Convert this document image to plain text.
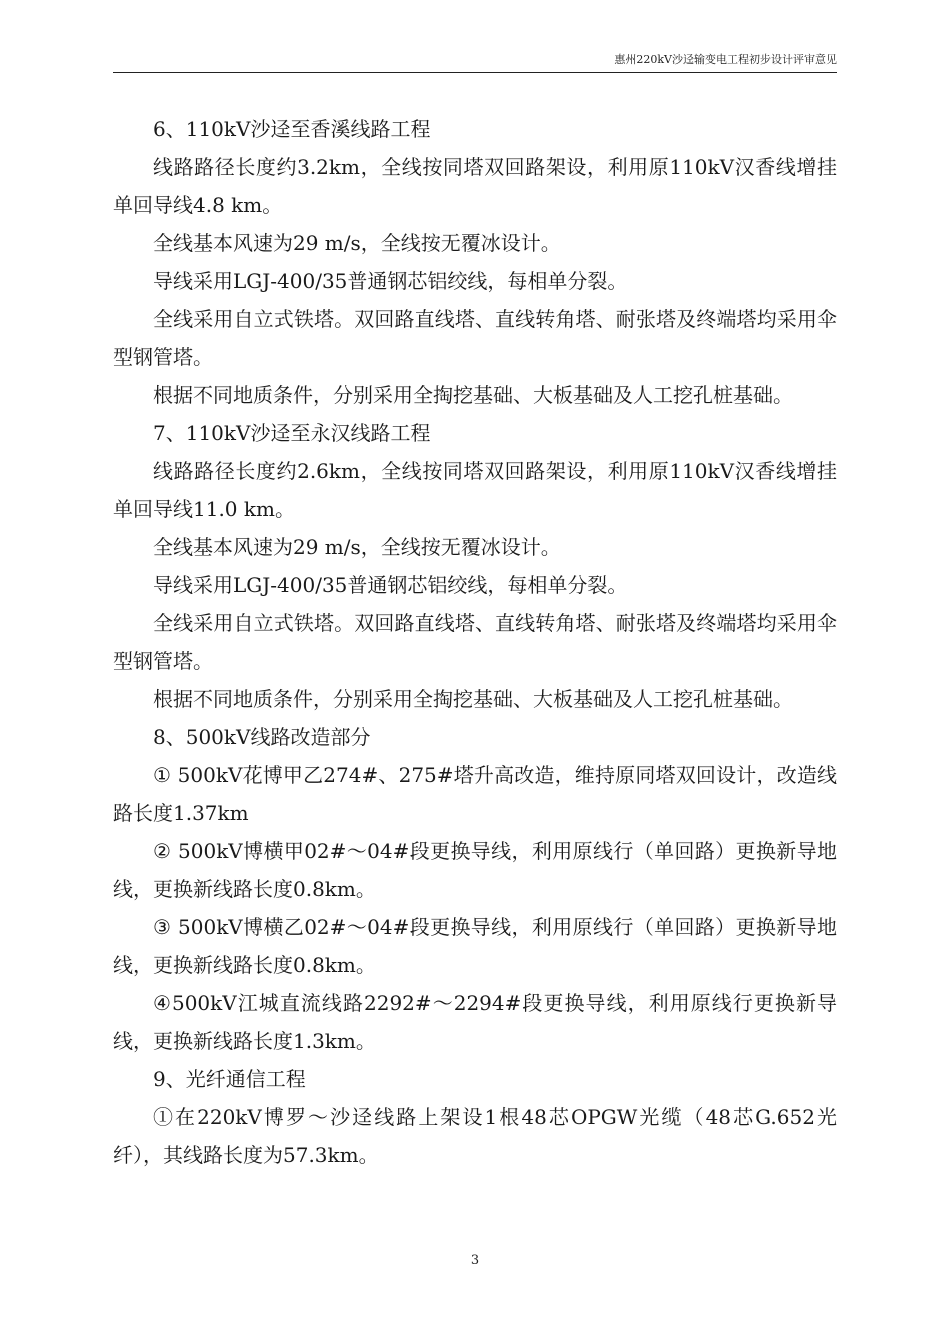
惠州220kV沙迳输变电工程初步设计评审意见

6、110kV沙迳至香溪线路工程

线路路径长度约3.2km，全线按同塔双回路架设，利用原110kV汉香线增挂单回导线4.8 km。

全线基本风速为29 m/s，全线按无覆冰设计。

导线采用LGJ-400/35普通钢芯铝绞线，每相单分裂。

全线采用自立式铁塔。双回路直线塔、直线转角塔、耐张塔及终端塔均采用伞型钢管塔。

根据不同地质条件，分别采用全掏挖基础、大板基础及人工挖孔桩基础。

7、110kV沙迳至永汉线路工程

线路路径长度约2.6km，全线按同塔双回路架设，利用原110kV汉香线增挂单回导线11.0 km。

全线基本风速为29 m/s，全线按无覆冰设计。

导线采用LGJ-400/35普通钢芯铝绞线，每相单分裂。

全线采用自立式铁塔。双回路直线塔、直线转角塔、耐张塔及终端塔均采用伞型钢管塔。

根据不同地质条件，分别采用全掏挖基础、大板基础及人工挖孔桩基础。

8、500kV线路改造部分

① 500kV花博甲乙274#、275#塔升高改造，维持原同塔双回设计，改造线路长度1.37km

② 500kV博横甲02#～04#段更换导线，利用原线行（单回路）更换新导地线，更换新线路长度0.8km。

③ 500kV博横乙02#～04#段更换导线，利用原线行（单回路）更换新导地线，更换新线路长度0.8km。

④500kV江城直流线路2292#～2294#段更换导线，利用原线行更换新导线，更换新线路长度1.3km。

9、光纤通信工程

①在220kV博罗～沙迳线路上架设1根48芯OPGW光缆（48芯G.652光纤），其线路长度为57.3km。

3
